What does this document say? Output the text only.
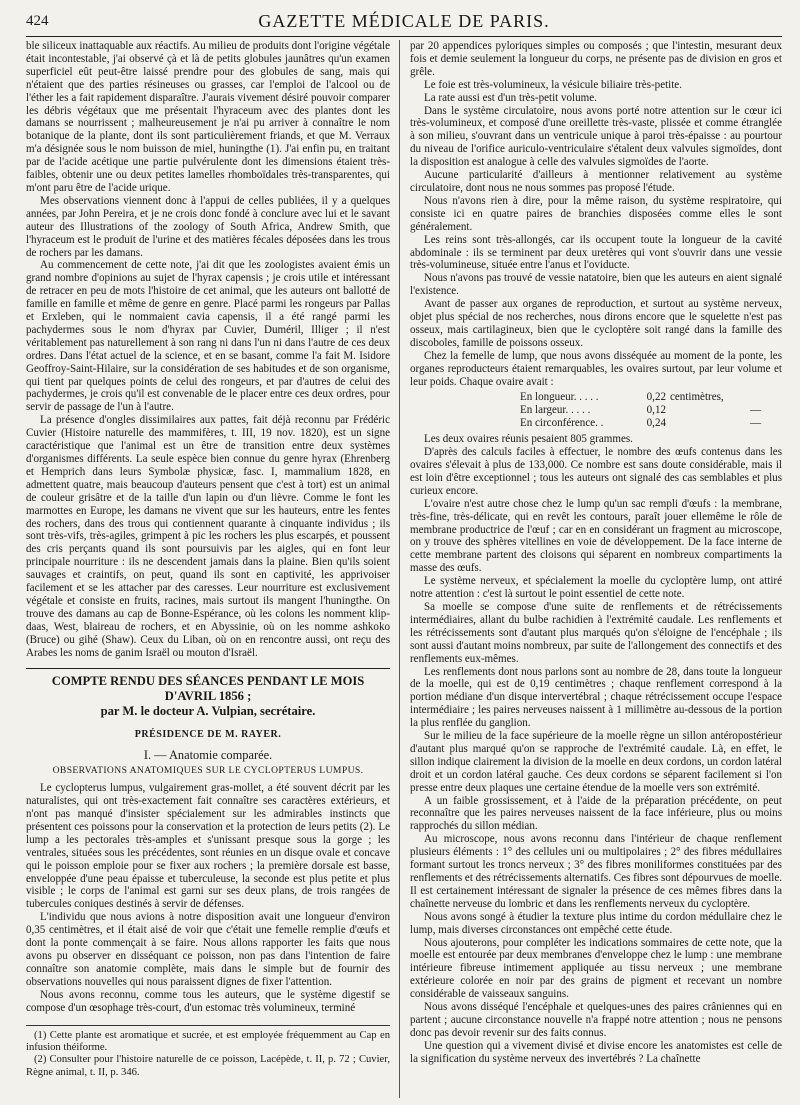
424	GAZETTE MÉDICALE DE PARIS.

ble siliceux inattaquable aux réactifs. Au milieu de produits dont l'origine végétale était incontestable, j'ai observé çà et là de petits globules jaunâtres qu'un examen superficiel eût peut-être laissé prendre pour des globules de sang, mais qui n'étaient que des parties résineuses ou grasses, car l'emploi de l'alcool ou de l'éther les a fait rapidement disparaître. J'aurais vivement désiré pouvoir comparer les débris végétaux que me présentait l'hyraceum avec des plantes dont les damans se nourrissent ; malheureusement je n'ai pu arriver à connaître le nom botanique de la plante, dont ils sont particulièrement friands, et que M. Verraux m'a désignée sous le nom buisson de miel, huningthe (1). J'ai enfin pu, en traitant par de l'acide acétique une partie pulvérulente dont les dimensions étaient très-faibles, obtenir une ou deux petites lamelles rhomboïdales très-transparentes, qui m'ont paru être de l'acide urique.

Mes observations viennent donc à l'appui de celles publiées, il y a quelques années, par John Pereira, et je ne crois donc fondé à conclure avec lui et le savant auteur des Illustrations of the zoology of South Africa, Andrew Smith, que l'hyraceum est le produit de l'urine et des matières fécales déposées dans les trous de rochers par les damans.

Au commencement de cette note, j'ai dit que les zoologistes avaient émis un grand nombre d'opinions au sujet de l'hyrax capensis ; je crois utile et intéressant de retracer en peu de mots l'histoire de cet animal, que les auteurs ont ballotté de famille en famille et même de genre en genre. Placé parmi les rongeurs par Pallas et Erxleben, qui le nommaient cavia capensis, il a été rangé parmi les pachydermes sous le nom d'hyrax par Cuvier, Duméril, Illiger ; il n'est véritablement pas naturellement à son rang ni dans l'un ni dans l'autre de ces deux ordres. Dans l'état actuel de la science, et en se basant, comme l'a fait M. Isidore Geoffroy-Saint-Hilaire, sur la considération de ses habitudes et de son organisme, qui tient par quelques points de celui des rongeurs, et par d'autres de celui des pachydermes, je crois qu'il est convenable de le placer entre ces deux ordres, pour servir de passage de l'un à l'autre.

La présence d'ongles dissimilaires aux pattes, fait déjà reconnu par Frédéric Cuvier (Histoire naturelle des mammifères, t. III, 19 nov. 1820), est un signe caractéristique que l'animal est un être de transition entre deux systèmes d'organismes différents. La seule espèce bien connue du genre hyrax (Ehrenberg et Hemprich dans leurs Symbolæ physicæ, fasc. I, mammalium 1828, en admettent quatre, mais beaucoup d'auteurs pensent que c'est à tort) est un animal de couleur grisâtre et de la taille d'un lapin ou d'un lièvre. Comme le font les marmottes en Europe, les damans ne vivent que sur les hauteurs, entre les fentes des rochers, dans des trous qui contiennent quarante à cinquante individus ; ils sont très-vifs, très-agiles, grimpent à pic les rochers les plus escarpés, et poussent des cris perçants quand ils sont poursuivis par les aigles, qui en font leur principale nourriture : ils ne descendent jamais dans la plaine. Bien qu'ils soient sauvages et craintifs, on peut, quand ils sont en captivité, les apprivoiser facilement et se les attacher par des caresses. Leur nourriture est exclusivement végétale et consiste en fruits, racines, mais surtout ils mangent l'huningthe. On trouve des damans au cap de Bonne-Espérance, où les colons les nomment klip-daas, West, blaireau de rochers, et en Abyssinie, où on les nomme ashkoko (Bruce) ou gihé (Shaw). Ceux du Liban, où on en rencontre aussi, ont reçu des Arabes les noms de ganim Israël ou mouton d'Israël.

COMPTE RENDU DES SÉANCES PENDANT LE MOIS D'AVRIL 1856 ;
par M. le docteur A. Vulpian, secrétaire.
PRÉSIDENCE DE M. RAYER.
I. — Anatomie comparée.
OBSERVATIONS ANATOMIQUES SUR LE CYCLOPTERUS LUMPUS.

Le cyclopterus lumpus, vulgairement gras-mollet, a été souvent décrit par les naturalistes, qui ont très-exactement fait connaître ses caractères extérieurs, et n'ont pas manqué d'insister spécialement sur les admirables instincts que présentent ces poissons pour la conservation et la protection de leurs petits (2). Le lump a les pectorales très-amples et s'unissant presque sous la gorge ; les ventrales, situées sous les précédentes, sont réunies en un disque ovale et concave qui le poisson emploie pour se fixer aux rochers ; la première dorsale est basse, enveloppée d'une peau épaisse et tuberculeuse, la seconde est plus petite et plus visible ; le corps de l'animal est garni sur ses deux plans, de trois rangées de tubercules coniques destinés à servir de défenses.

L'individu que nous avions à notre disposition avait une longueur d'environ 0,35 centimètres, et il était aisé de voir que c'était une femelle remplie d'œufs et dont la ponte commençait à se faire. Nous allons rapporter les faits que nous avons pu observer en disséquant ce poisson, non pas dans l'intention de faire connaître son anatomie complète, mais dans le simple but de fournir des observations nouvelles qui nous paraissent dignes de fixer l'attention.

Nous avons reconnu, comme tous les auteurs, que le système digestif se compose d'un œsophage très-court, d'un estomac très volumineux, terminé

(1) Cette plante est aromatique et sucrée, et est employée fréquemment au Cap en infusion théiforme.

(2) Consulter pour l'histoire naturelle de ce poisson, Lacépède, t. II, p. 72 ; Cuvier, Règne animal, t. II, p. 346.

par 20 appendices pyloriques simples ou composés ; que l'intestin, mesurant deux fois et demie seulement la longueur du corps, ne présente pas de division en gros et grêle.

Le foie est très-volumineux, la vésicule biliaire très-petite.

La rate aussi est d'un très-petit volume.

Dans le système circulatoire, nous avons porté notre attention sur le cœur ici très-volumineux, et composé d'une oreillette très-vaste, plissée et comme étranglée à son milieu, s'ouvrant dans un ventricule unique à paroi très-épaisse : au pourtour du niveau de l'orifice auriculo-ventriculaire s'étalent deux valvules sigmoïdes, dont la disposition est analogue à celle des valvules sigmoïdes de l'aorte.

Aucune particularité d'ailleurs à mentionner relativement au système circulatoire, dont nous ne nous sommes pas proposé l'étude.

Nous n'avons rien à dire, pour la même raison, du système respiratoire, qui consiste ici en quatre paires de branchies disposées comme elles le sont généralement.

Les reins sont très-allongés, car ils occupent toute la longueur de la cavité abdominale : ils se terminent par deux uretères qui vont s'ouvrir dans une vessie très-volumineuse, située entre l'anus et l'oviducte.

Nous n'avons pas trouvé de vessie natatoire, bien que les auteurs en aient signalé l'existence.

Avant de passer aux organes de reproduction, et surtout au système nerveux, objet plus spécial de nos recherches, nous dirons encore que le squelette n'est pas osseux, mais cartilagineux, bien que le cycloptère soit rangé dans la famille des discoboles, famille de poissons osseux.

Chez la femelle de lump, que nous avons disséquée au moment de la ponte, les organes reproducteurs étaient remarquables, les ovaires surtout, par leur volume et leur poids. Chaque ovaire avait :

En longueur. . . . .	0,22 centimètres,
En largeur. . . . .	0,12	—
En circonférence. .	0,24	—

Les deux ovaires réunis pesaient 805 grammes.

D'après des calculs faciles à effectuer, le nombre des œufs contenus dans les ovaires s'élevait à plus de 133,000. Ce nombre est sans doute considérable, mais il est loin d'être exceptionnel ; tous les auteurs ont signalé des cas semblables et plus curieux encore.

L'ovaire n'est autre chose chez le lump qu'un sac rempli d'œufs : la membrane, très-fine, très-délicate, qui en revêt les contours, paraît jouer ellemême le rôle de membrane productrice de l'œuf ; car en en considérant un fragment au microscope, on y trouve des sphères vitellines en voie de développement. De la face interne de cette membrane partent des cloisons qui séparent en nombreux compartiments la masse des œufs.

Le système nerveux, et spécialement la moelle du cycloptère lump, ont attiré notre attention : c'est là surtout le point essentiel de cette note.

Sa moelle se compose d'une suite de renflements et de rétrécissements intermédiaires, allant du bulbe rachidien à l'extrémité caudale. Les renflements et les rétrécissements sont d'autant plus marqués qu'on s'éloigne de l'encéphale ; ils sont aussi d'autant moins nombreux, par suite de l'allongement des connectifs et des renflements eux-mêmes.

Les renflements dont nous parlons sont au nombre de 28, dans toute la longueur de la moelle, qui est de 0,19 centimètres ; chaque renflement correspond à la portion médiane d'un disque intervertébral ; chaque rétrécissement occupe l'espace intermédiaire ; les paires nerveuses naissent à 1 millimètre au-dessous de la portion la plus renflée du ganglion.

Sur le milieu de la face supérieure de la moelle règne un sillon antéropostérieur d'autant plus marqué qu'on se rapproche de l'extrémité caudale. Là, en effet, le sillon indique clairement la division de la moelle en deux cordons, un cordon latéral droit et un cordon latéral gauche. Ces deux cordons se séparent facilement si l'on presse entre deux plaques une certaine étendue de la moelle vers son extrémité.

A un faible grossissement, et à l'aide de la préparation précédente, on peut reconnaître que les paires nerveuses naissent de la face inférieure, plus ou moins rapprochés du sillon médian.

Au microscope, nous avons reconnu dans l'intérieur de chaque renflement plusieurs éléments : 1° des cellules uni ou multipolaires ; 2° des fibres médullaires formant surtout les troncs nerveux ; 3° des fibres moniliformes constituées par des renflements et des rétrécissements alternatifs. Ces fibres sont dépourvues de moelle. Il est certainement intéressant de signaler la présence de ces mêmes fibres dans la chaînette nerveuse du lombric et dans les renflements nerveux du cycloptère.

Nous avons songé à étudier la texture plus intime du cordon médullaire chez le lump, mais diverses circonstances ont empêché cette étude.

Nous ajouterons, pour compléter les indications sommaires de cette note, que la moelle est entourée par deux membranes d'enveloppe chez le lump : une membrane intérieure fibreuse intimement appliquée au tissu nerveux ; une membrane extérieure colorée en noir par des grains de pigment et recevant un nombre considérable de vaisseaux sanguins.

Nous avons disséqué l'encéphale et quelques-unes des paires crâniennes qui en partent ; aucune circonstance nouvelle n'a frappé notre attention ; nous ne pensons donc pas devoir revenir sur des faits connus.

Une question qui a vivement divisé et divise encore les anatomistes est celle de la signification du système nerveux des invertébrés ? La chaînette
